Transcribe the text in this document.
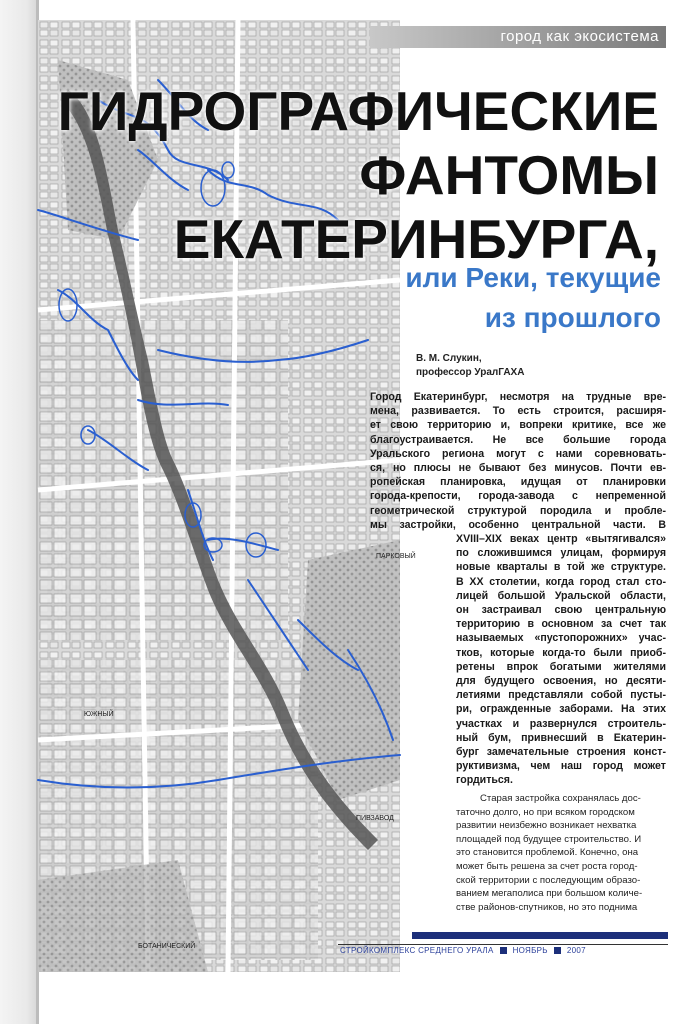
ПАРКОВЫЙ
ЮЖНЫЙ
ПИВЗАВОД
БОТАНИЧЕСКИЙ
город как экосистема
ГИДРОГРАФИЧЕСКИЕ
ФАНТОМЫ
ЕКАТЕРИНБУРГА,
или Реки, текущие
из прошлого
В. М. Слукин,
профессор УралГАХА
Город Екатеринбург, несмотря на трудные вре-
мена, развивается. То есть строится, расширя-
ет свою территорию и, вопреки критике, все же
благоустраивается. Не все большие города
Уральского региона могут с нами соревновать-
ся, но плюсы не бывают без минусов. Почти ев-
ропейская планировка, идущая от планировки
города-крепости, города-завода с непременной
геометрической структурой породила и пробле-
мы застройки, особенно центральной части. В
XVIII–XIX веках центр «вытягивался»
по сложившимся улицам, формируя
новые кварталы в той же структуре.
В XX столетии, когда город стал сто-
лицей большой Уральской области,
он застраивал свою центральную
территорию в основном за счет так
называемых «пустопорожних» учас-
тков, которые когда-то были приоб-
ретены впрок богатыми жителями
для будущего освоения, но десяти-
летиями представляли собой пусты-
ри, огражденные заборами. На этих
участках и развернулся строитель-
ный бум, привнесший в Екатерин-
бург замечательные строения конст-
руктивизма, чем наш город может
гордиться.
Старая застройка сохранялась дос-
таточно долго, но при всяком городском
развитии неизбежно возникает нехватка
площадей под будущее строительство. И
это становится проблемой. Конечно, она
может быть решена за счет роста город-
ской территории с последующим образо-
ванием мегаполиса при большом количе-
стве районов-спутников, но это поднима
СТРОЙКОМПЛЕКС СРЕДНЕГО УРАЛА НОЯБРЬ 2007
